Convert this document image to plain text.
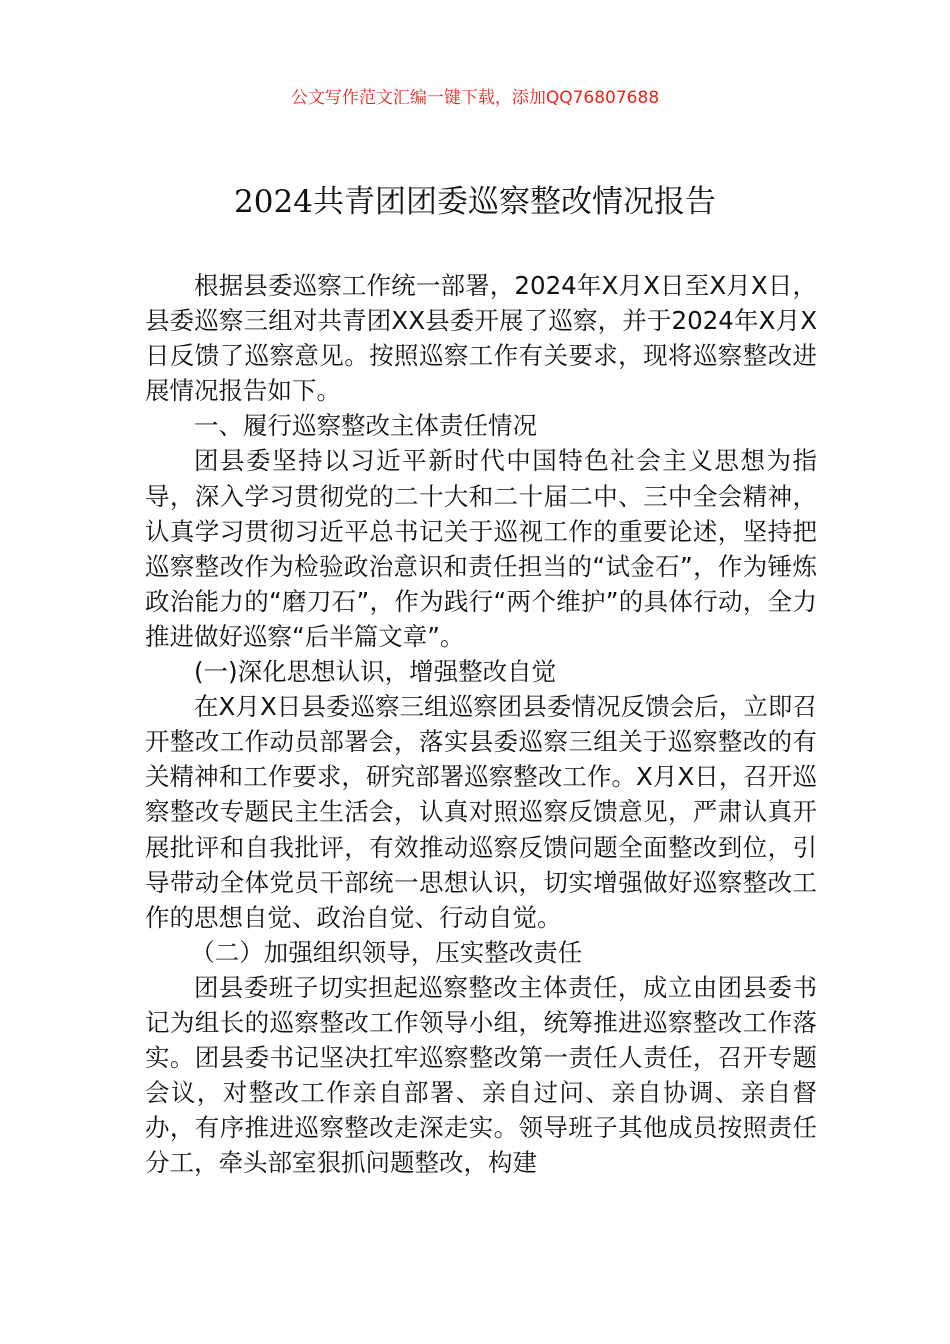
公文写作范文汇编一键下载，添加QQ76807688
2024共青团团委巡察整改情况报告

根据县委巡察工作统一部署，2024年X月X日至X月X日，县委巡察三组对共青团XX县委开展了巡察，并于2024年X月X日反馈了巡察意见。按照巡察工作有关要求，现将巡察整改进展情况报告如下。

一、履行巡察整改主体责任情况

团县委坚持以习近平新时代中国特色社会主义思想为指导，深入学习贯彻党的二十大和二十届二中、三中全会精神，认真学习贯彻习近平总书记关于巡视工作的重要论述，坚持把巡察整改作为检验政治意识和责任担当的“试金石”，作为锤炼政治能力的“磨刀石”，作为践行“两个维护”的具体行动，全力推进做好巡察“后半篇文章”。

(一)深化思想认识，增强整改自觉

在X月X日县委巡察三组巡察团县委情况反馈会后，立即召开整改工作动员部署会，落实县委巡察三组关于巡察整改的有关精神和工作要求，研究部署巡察整改工作。X月X日，召开巡察整改专题民主生活会，认真对照巡察反馈意见，严肃认真开展批评和自我批评，有效推动巡察反馈问题全面整改到位，引导带动全体党员干部统一思想认识，切实增强做好巡察整改工作的思想自觉、政治自觉、行动自觉。

（二）加强组织领导，压实整改责任

团县委班子切实担起巡察整改主体责任，成立由团县委书记为组长的巡察整改工作领导小组，统筹推进巡察整改工作落实。团县委书记坚决扛牢巡察整改第一责任人责任，召开专题会议，对整改工作亲自部署、亲自过问、亲自协调、亲自督办，有序推进巡察整改走深走实。领导班子其他成员按照责任分工，牵头部室狠抓问题整改，构建
